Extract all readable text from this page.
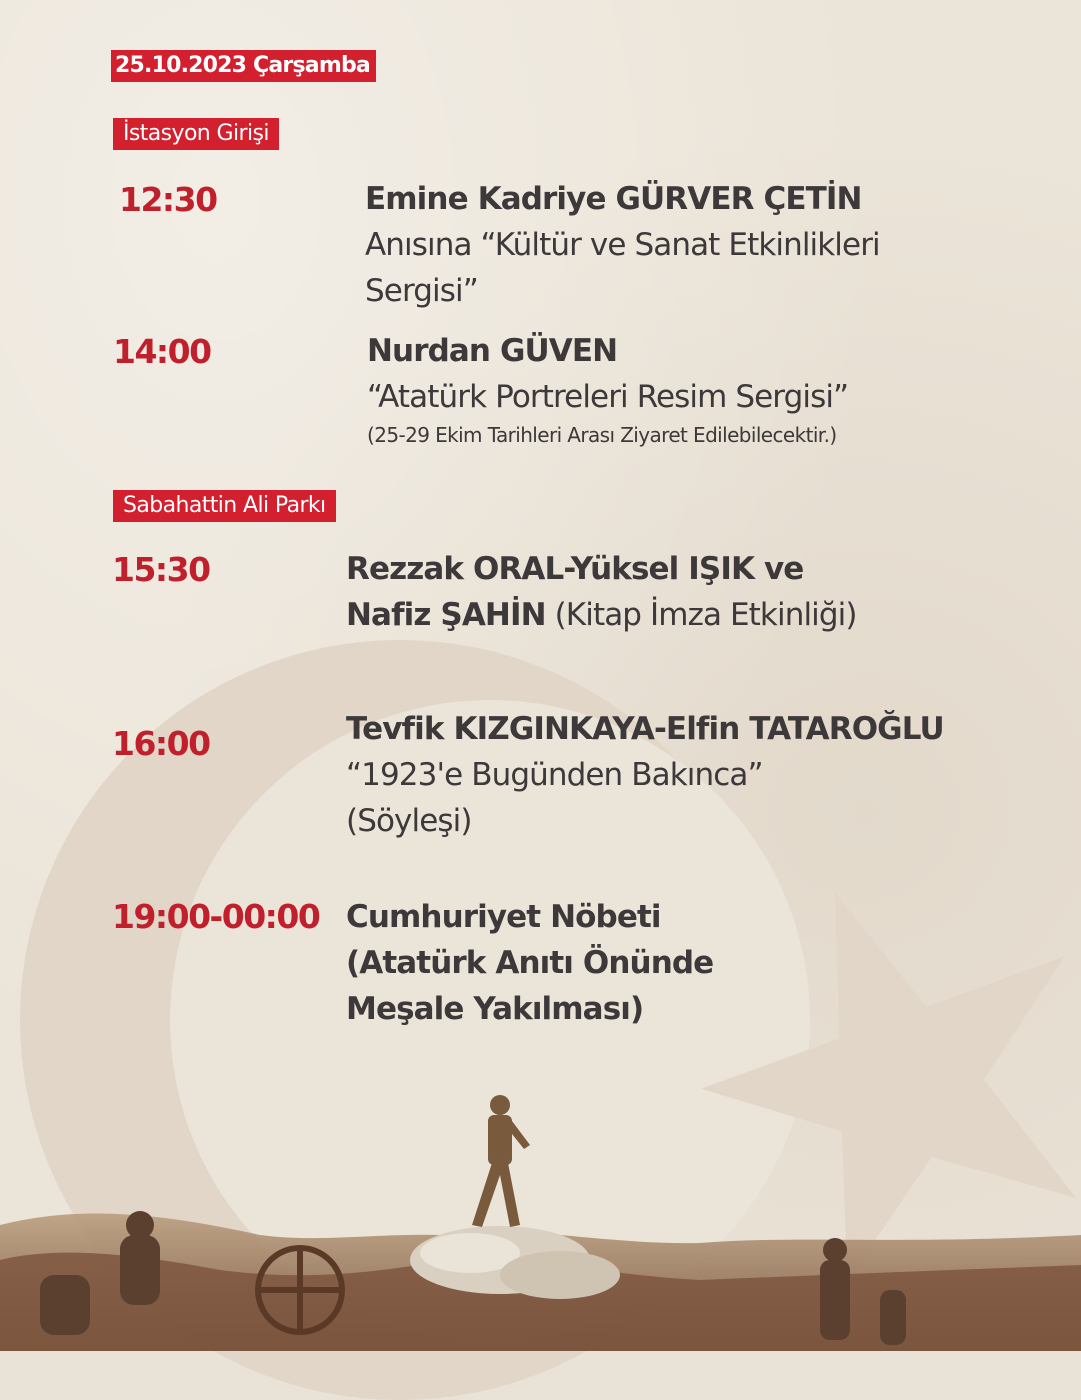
25.10.2023 Çarşamba
İstasyon Girişi
12:30	Emine Kadriye GÜRVER ÇETİN
Anısına “Kültür ve Sanat Etkinlikleri
Sergisi”
14:00	Nurdan GÜVEN
“Atatürk Portreleri Resim Sergisi”
(25-29 Ekim Tarihleri Arası Ziyaret Edilebilecektir.)
Sabahattin Ali Parkı
15:30	Rezzak ORAL-Yüksel IŞIK ve
Nafiz ŞAHİN (Kitap İmza Etkinliği)
16:00	Tevfik KIZGINKAYA-Elfin TATAROĞLU
“1923'e Bugünden Bakınca”
(Söyleşi)
19:00-00:00 Cumhuriyet Nöbeti
(Atatürk Anıtı Önünde
Meşale Yakılması)
